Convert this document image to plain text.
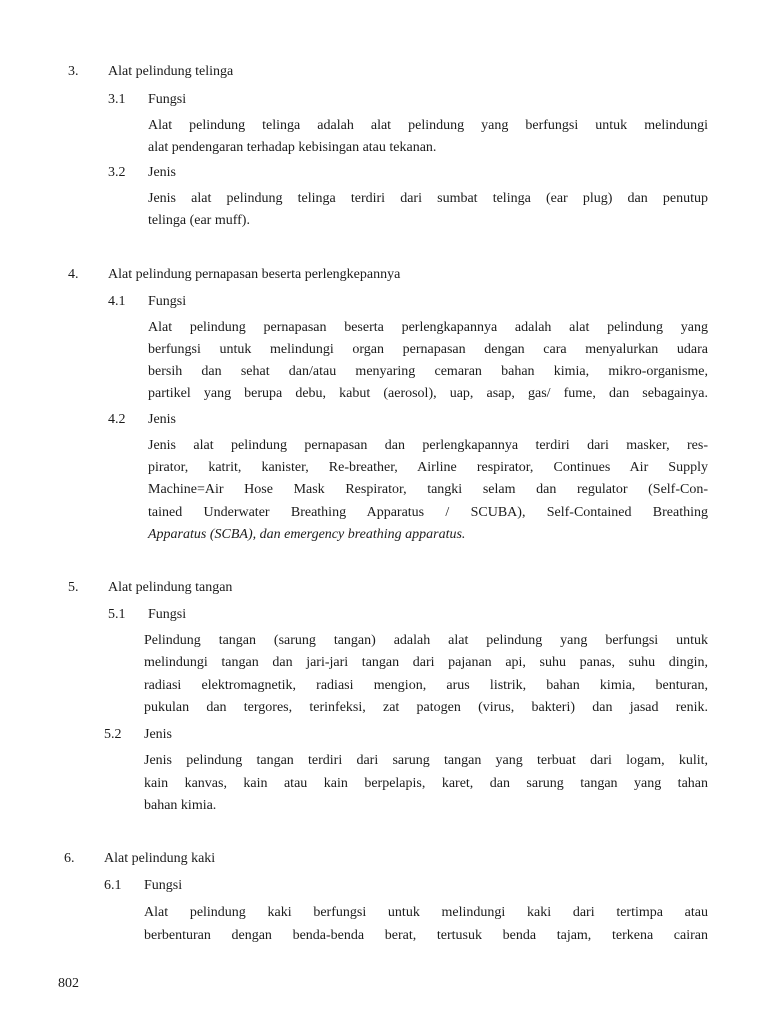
3. Alat pelindung telinga
3.1 Fungsi
Alat pelindung telinga adalah alat pelindung yang berfungsi untuk melindungi
alat pendengaran terhadap kebisingan atau tekanan.
3.2 Jenis
Jenis alat pelindung telinga terdiri dari sumbat telinga (ear plug) dan penutup
telinga (ear muff).
4. Alat pelindung pernapasan beserta perlengkepannya
4.1 Fungsi
Alat pelindung pernapasan beserta perlengkapannya adalah alat pelindung yang
berfungsi untuk melindungi organ pernapasan dengan cara menyalurkan udara
bersih dan sehat dan/atau menyaring cemaran bahan kimia, mikro-organisme,
partikel yang berupa debu, kabut (aerosol), uap, asap, gas/ fume, dan sebagainya.
4.2 Jenis
Jenis alat pelindung pernapasan dan perlengkapannya terdiri dari masker, res-
pirator, katrit, kanister, Re-breather, Airline respirator, Continues Air Supply
Machine=Air Hose Mask Respirator, tangki selam dan regulator (Self-Con-
tained Underwater Breathing Apparatus / SCUBA), Self-Contained Breathing
Apparatus (SCBA), dan emergency breathing apparatus.
5. Alat pelindung tangan
5.1 Fungsi
Pelindung tangan (sarung tangan) adalah alat pelindung yang berfungsi untuk
melindungi tangan dan jari-jari tangan dari pajanan api, suhu panas, suhu dingin,
radiasi elektromagnetik, radiasi mengion, arus listrik, bahan kimia, benturan,
pukulan dan tergores, terinfeksi, zat patogen (virus, bakteri) dan jasad renik.
5.2 Jenis
Jenis pelindung tangan terdiri dari sarung tangan yang terbuat dari logam, kulit,
kain kanvas, kain atau kain berpelapis, karet, dan sarung tangan yang tahan
bahan kimia.
6. Alat pelindung kaki
6.1 Fungsi
Alat pelindung kaki berfungsi untuk melindungi kaki dari tertimpa atau
berbenturan dengan benda-benda berat, tertusuk benda tajam, terkena cairan
802
